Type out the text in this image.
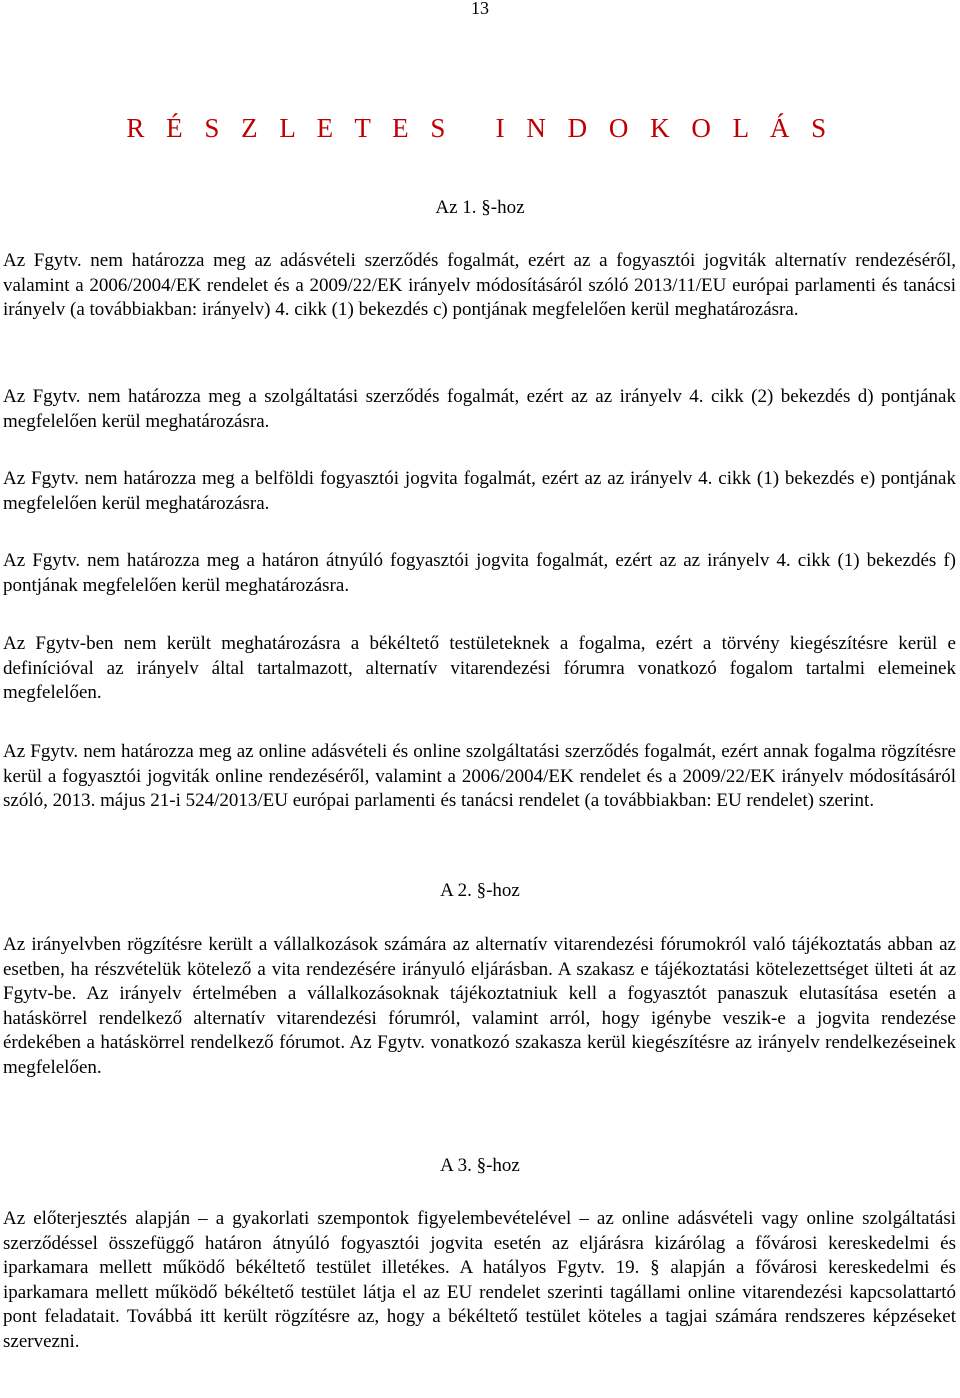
13
R É S Z L E T E S I N D O K O L Á S
Az 1. §-hoz

Az Fgytv. nem határozza meg az adásvételi szerződés fogalmát, ezért az a fogyasztói jogviták alternatív rendezéséről, valamint a 2006/2004/EK rendelet és a 2009/22/EK irányelv módosításáról szóló 2013/11/EU európai parlamenti és tanácsi irányelv (a továbbiakban: irányelv) 4. cikk (1) bekezdés c) pontjának megfelelően kerül meghatározásra.

Az Fgytv. nem határozza meg a szolgáltatási szerződés fogalmát, ezért az az irányelv 4. cikk (2) bekezdés d) pontjának megfelelően kerül meghatározásra.

Az Fgytv. nem határozza meg a belföldi fogyasztói jogvita fogalmát, ezért az az irányelv 4. cikk (1) bekezdés e) pontjának megfelelően kerül meghatározásra.

Az Fgytv. nem határozza meg a határon átnyúló fogyasztói jogvita fogalmát, ezért az az irányelv 4. cikk (1) bekezdés f) pontjának megfelelően kerül meghatározásra.

Az Fgytv-ben nem került meghatározásra a békéltető testületeknek a fogalma, ezért a törvény kiegészítésre kerül e definícióval az irányelv által tartalmazott, alternatív vitarendezési fórumra vonatkozó fogalom tartalmi elemeinek megfelelően.

Az Fgytv. nem határozza meg az online adásvételi és online szolgáltatási szerződés fogalmát, ezért annak fogalma rögzítésre kerül a fogyasztói jogviták online rendezéséről, valamint a 2006/2004/EK rendelet és a 2009/22/EK irányelv módosításáról szóló, 2013. május 21-i 524/2013/EU európai parlamenti és tanácsi rendelet (a továbbiakban: EU rendelet) szerint.

A 2. §-hoz

Az irányelvben rögzítésre került a vállalkozások számára az alternatív vitarendezési fórumokról való tájékoztatás abban az esetben, ha részvételük kötelező a vita rendezésére irányuló eljárásban. A szakasz e tájékoztatási kötelezettséget ülteti át az Fgytv-be. Az irányelv értelmében a vállalkozásoknak tájékoztatniuk kell a fogyasztót panaszuk elutasítása esetén a hatáskörrel rendelkező alternatív vitarendezési fórumról, valamint arról, hogy igénybe veszik-e a jogvita rendezése érdekében a hatáskörrel rendelkező fórumot. Az Fgytv. vonatkozó szakasza kerül kiegészítésre az irányelv rendelkezéseinek megfelelően.

A 3. §-hoz

Az előterjesztés alapján – a gyakorlati szempontok figyelembevételével – az online adásvételi vagy online szolgáltatási szerződéssel összefüggő határon átnyúló fogyasztói jogvita esetén az eljárásra kizárólag a fővárosi kereskedelmi és iparkamara mellett működő békéltető testület illetékes. A hatályos Fgytv. 19. § alapján a fővárosi kereskedelmi és iparkamara mellett működő békéltető testület látja el az EU rendelet szerinti tagállami online vitarendezési kapcsolattartó pont feladatait. Továbbá itt került rögzítésre az, hogy a békéltető testület köteles a tagjai számára rendszeres képzéseket szervezni.
